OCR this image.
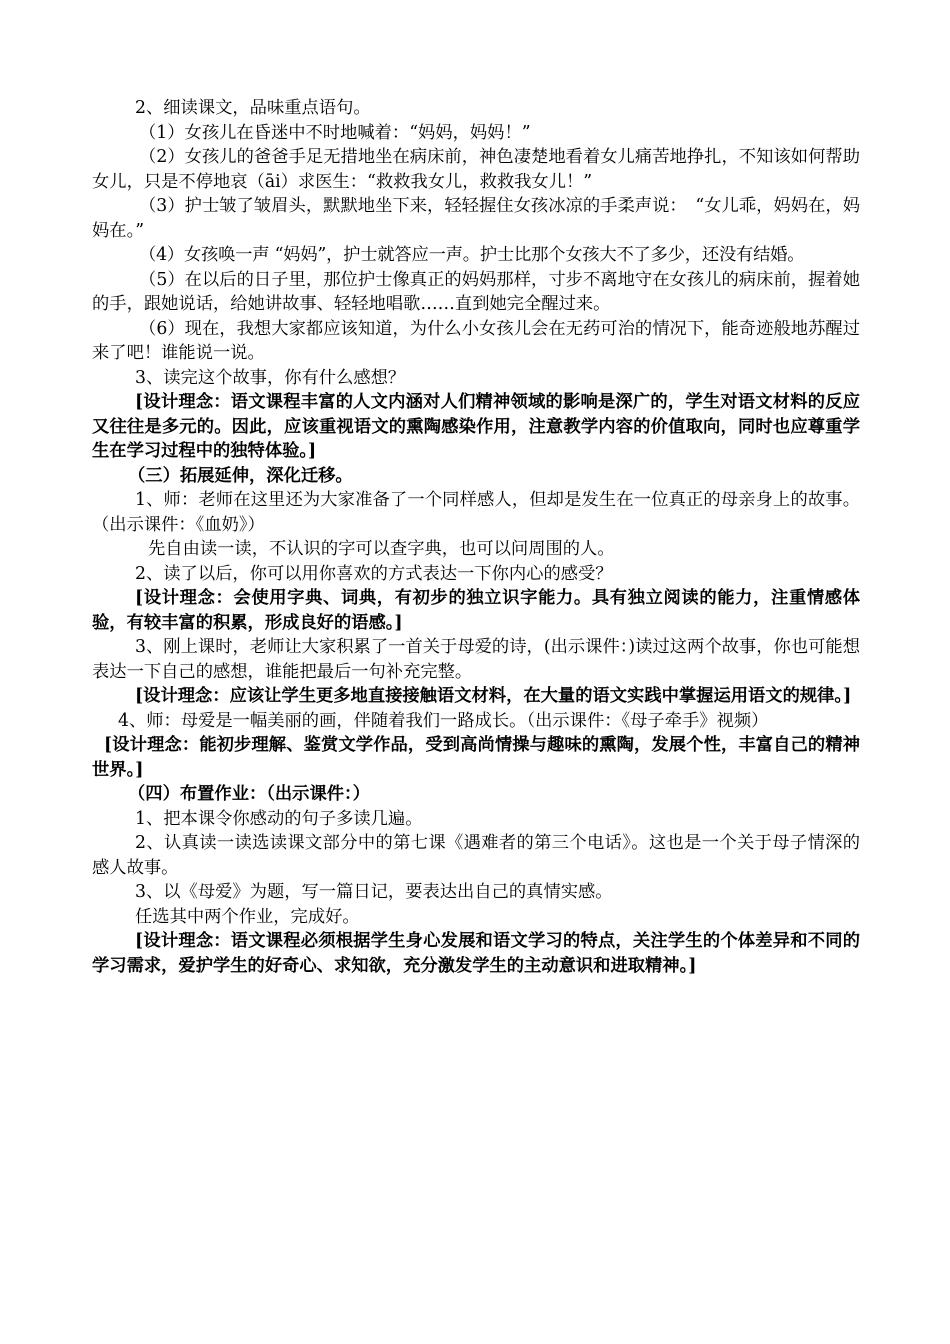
2、细读课文，品味重点语句。

（1）女孩儿在昏迷中不时地喊着：“妈妈，妈妈！”

（2）女孩儿的爸爸手足无措地坐在病床前，神色凄楚地看着女儿痛苦地挣扎，不知该如何帮助女儿，只是不停地哀（āi）求医生：“救救我女儿，救救我女儿！”

（3）护士皱了皱眉头，默默地坐下来，轻轻握住女孩冰凉的手柔声说：　“女儿乖，妈妈在，妈妈在。”

（4）女孩唤一声 “妈妈”，护士就答应一声。护士比那个女孩大不了多少，还没有结婚。

（5）在以后的日子里，那位护士像真正的妈妈那样，寸步不离地守在女孩儿的病床前，握着她的手，跟她说话，给她讲故事、轻轻地唱歌……直到她完全醒过来。

（6）现在，我想大家都应该知道，为什么小女孩儿会在无药可治的情况下，能奇迹般地苏醒过来了吧！谁能说一说。

3、读完这个故事，你有什么感想？

[设计理念：语文课程丰富的人文内涵对人们精神领域的影响是深广的，学生对语文材料的反应又往往是多元的。因此，应该重视语文的熏陶感染作用，注意教学内容的价值取向，同时也应尊重学生在学习过程中的独特体验。]

（三）拓展延伸，深化迁移。

1、师：老师在这里还为大家准备了一个同样感人，但却是发生在一位真正的母亲身上的故事。（出示课件：《血奶》）

先自由读一读，不认识的字可以查字典，也可以问周围的人。

2、读了以后，你可以用你喜欢的方式表达一下你内心的感受？

[设计理念：会使用字典、词典，有初步的独立识字能力。具有独立阅读的能力，注重情感体验，有较丰富的积累，形成良好的语感。]

3、刚上课时，老师让大家积累了一首关于母爱的诗，(出示课件：)读过这两个故事，你也可能想表达一下自己的感想，谁能把最后一句补充完整。

[设计理念：应该让学生更多地直接接触语文材料，在大量的语文实践中掌握运用语文的规律。]

4、师：母爱是一幅美丽的画，伴随着我们一路成长。（出示课件：《母子牵手》视频）

[设计理念：能初步理解、鉴赏文学作品，受到高尚情操与趣味的熏陶，发展个性，丰富自己的精神世界。]

（四）布置作业：（出示课件：）

1、把本课令你感动的句子多读几遍。

2、认真读一读选读课文部分中的第七课《遇难者的第三个电话》。这也是一个关于母子情深的感人故事。

3、以《母爱》为题，写一篇日记，要表达出自己的真情实感。

任选其中两个作业，完成好。

[设计理念：语文课程必须根据学生身心发展和语文学习的特点，关注学生的个体差异和不同的学习需求，爱护学生的好奇心、求知欲，充分激发学生的主动意识和进取精神。]
